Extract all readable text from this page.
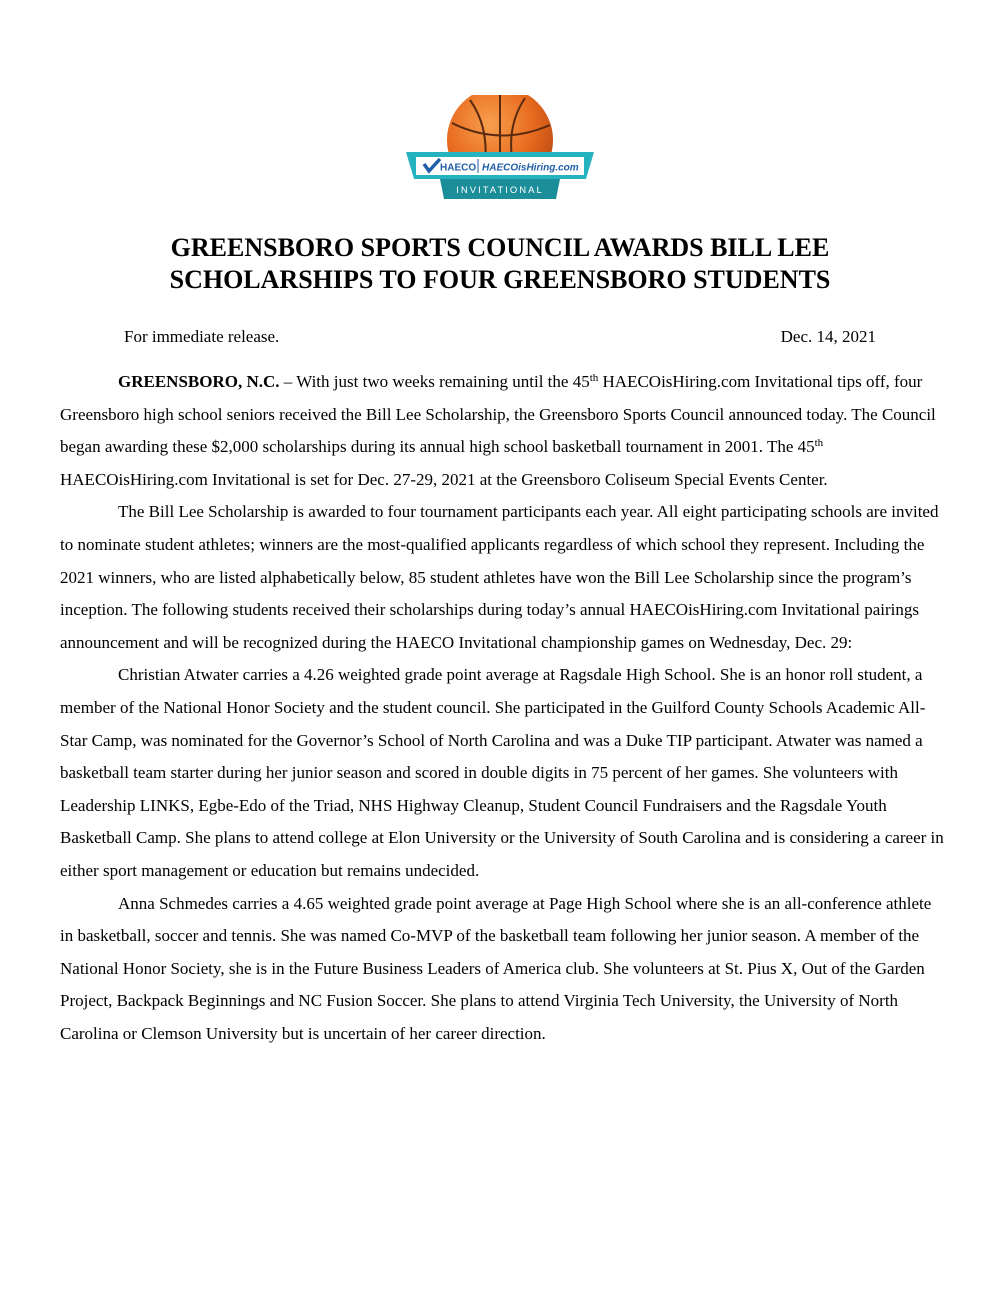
HAECO HAECOisHiring.com
INVITATIONAL
GREENSBORO SPORTS COUNCIL AWARDS BILL LEE
SCHOLARSHIPS TO FOUR GREENSBORO STUDENTS
For immediate release.	Dec. 14, 2021

GREENSBORO, N.C. – With just two weeks remaining until the 45th HAECOisHiring.com Invitational tips off, four Greensboro high school seniors received the Bill Lee Scholarship, the Greensboro Sports Council announced today. The Council began awarding these $2,000 scholarships during its annual high school basketball tournament in 2001. The 45th HAECOisHiring.com Invitational is set for Dec. 27-29, 2021 at the Greensboro Coliseum Special Events Center.

The Bill Lee Scholarship is awarded to four tournament participants each year. All eight participating schools are invited to nominate student athletes; winners are the most-qualified applicants regardless of which school they represent. Including the 2021 winners, who are listed alphabetically below, 85 student athletes have won the Bill Lee Scholarship since the program’s inception. The following students received their scholarships during today’s annual HAECOisHiring.com Invitational pairings announcement and will be recognized during the HAECO Invitational championship games on Wednesday, Dec. 29:

Christian Atwater carries a 4.26 weighted grade point average at Ragsdale High School. She is an honor roll student, a member of the National Honor Society and the student council. She participated in the Guilford County Schools Academic All-Star Camp, was nominated for the Governor’s School of North Carolina and was a Duke TIP participant. Atwater was named a basketball team starter during her junior season and scored in double digits in 75 percent of her games. She volunteers with Leadership LINKS, Egbe-Edo of the Triad, NHS Highway Cleanup, Student Council Fundraisers and the Ragsdale Youth Basketball Camp. She plans to attend college at Elon University or the University of South Carolina and is considering a career in either sport management or education but remains undecided.

Anna Schmedes carries a 4.65 weighted grade point average at Page High School where she is an all-conference athlete in basketball, soccer and tennis. She was named Co-MVP of the basketball team following her junior season. A member of the National Honor Society, she is in the Future Business Leaders of America club. She volunteers at St. Pius X, Out of the Garden Project, Backpack Beginnings and NC Fusion Soccer. She plans to attend Virginia Tech University, the University of North Carolina or Clemson University but is uncertain of her career direction.
